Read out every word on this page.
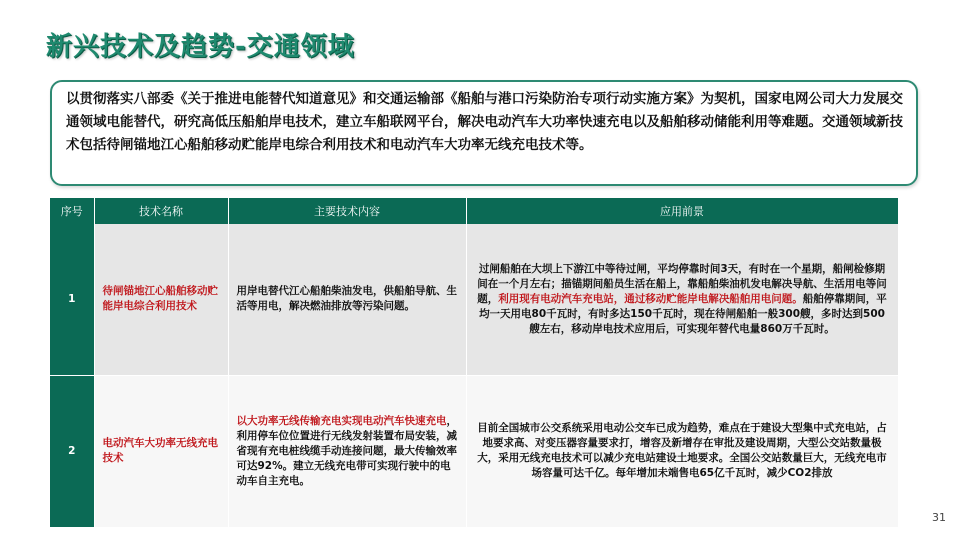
新兴技术及趋势-交通领域
以贯彻落实八部委《关于推进电能替代知道意见》和交通运输部《船舶与港口污染防治专项行动实施方案》为契机，国家电网公司大力发展交通领域电能替代，研究高低压船舶岸电技术，建立车船联网平台，解决电动汽车大功率快速充电以及船舶移动储能利用等难题。交通领域新技术包括待闸锚地江心船舶移动贮能岸电综合利用技术和电动汽车大功率无线充电技术等。
序号	技术名称	主要技术内容	应用前景
1	待闸锚地江心船舶移动贮能岸电综合利用技术	用岸电替代江心船舶柴油发电，供船舶导航、生活等用电，解决燃油排放等污染问题。	过闸船舶在大坝上下游江中等待过闸，平均停靠时间3天，有时在一个星期，船闸检修期间在一个月左右；描锚期间船员生活在船上，靠船舶柴油机发电解决导航、生活用电等问题，利用现有电动汽车充电站，通过移动贮能岸电解决船舶用电问题。船舶停靠期间，平均一天用电80千瓦时，有时多达150千瓦时，现在待闸船舶一般300艘，多时达到500艘左右，移动岸电技术应用后，可实现年替代电量860万千瓦时。
2	电动汽车大功率无线充电技术	以大功率无线传输充电实现电动汽车快速充电，利用停车位位置进行无线发射装置布局安装，减省现有充电桩线缆手动连接问题，最大传输效率可达92%。建立无线充电带可实现行驶中的电动车自主充电。	目前全国城市公交系统采用电动公交车已成为趋势，难点在于建设大型集中式充电站，占地要求高、对变压器容量要求打，增容及新增存在审批及建设周期，大型公交站数量极大，采用无线充电技术可以减少充电站建设土地要求。全国公交站数量巨大，无线充电市场容量可达千亿。每年增加未端售电65亿千瓦时，减少CO2排放
31
